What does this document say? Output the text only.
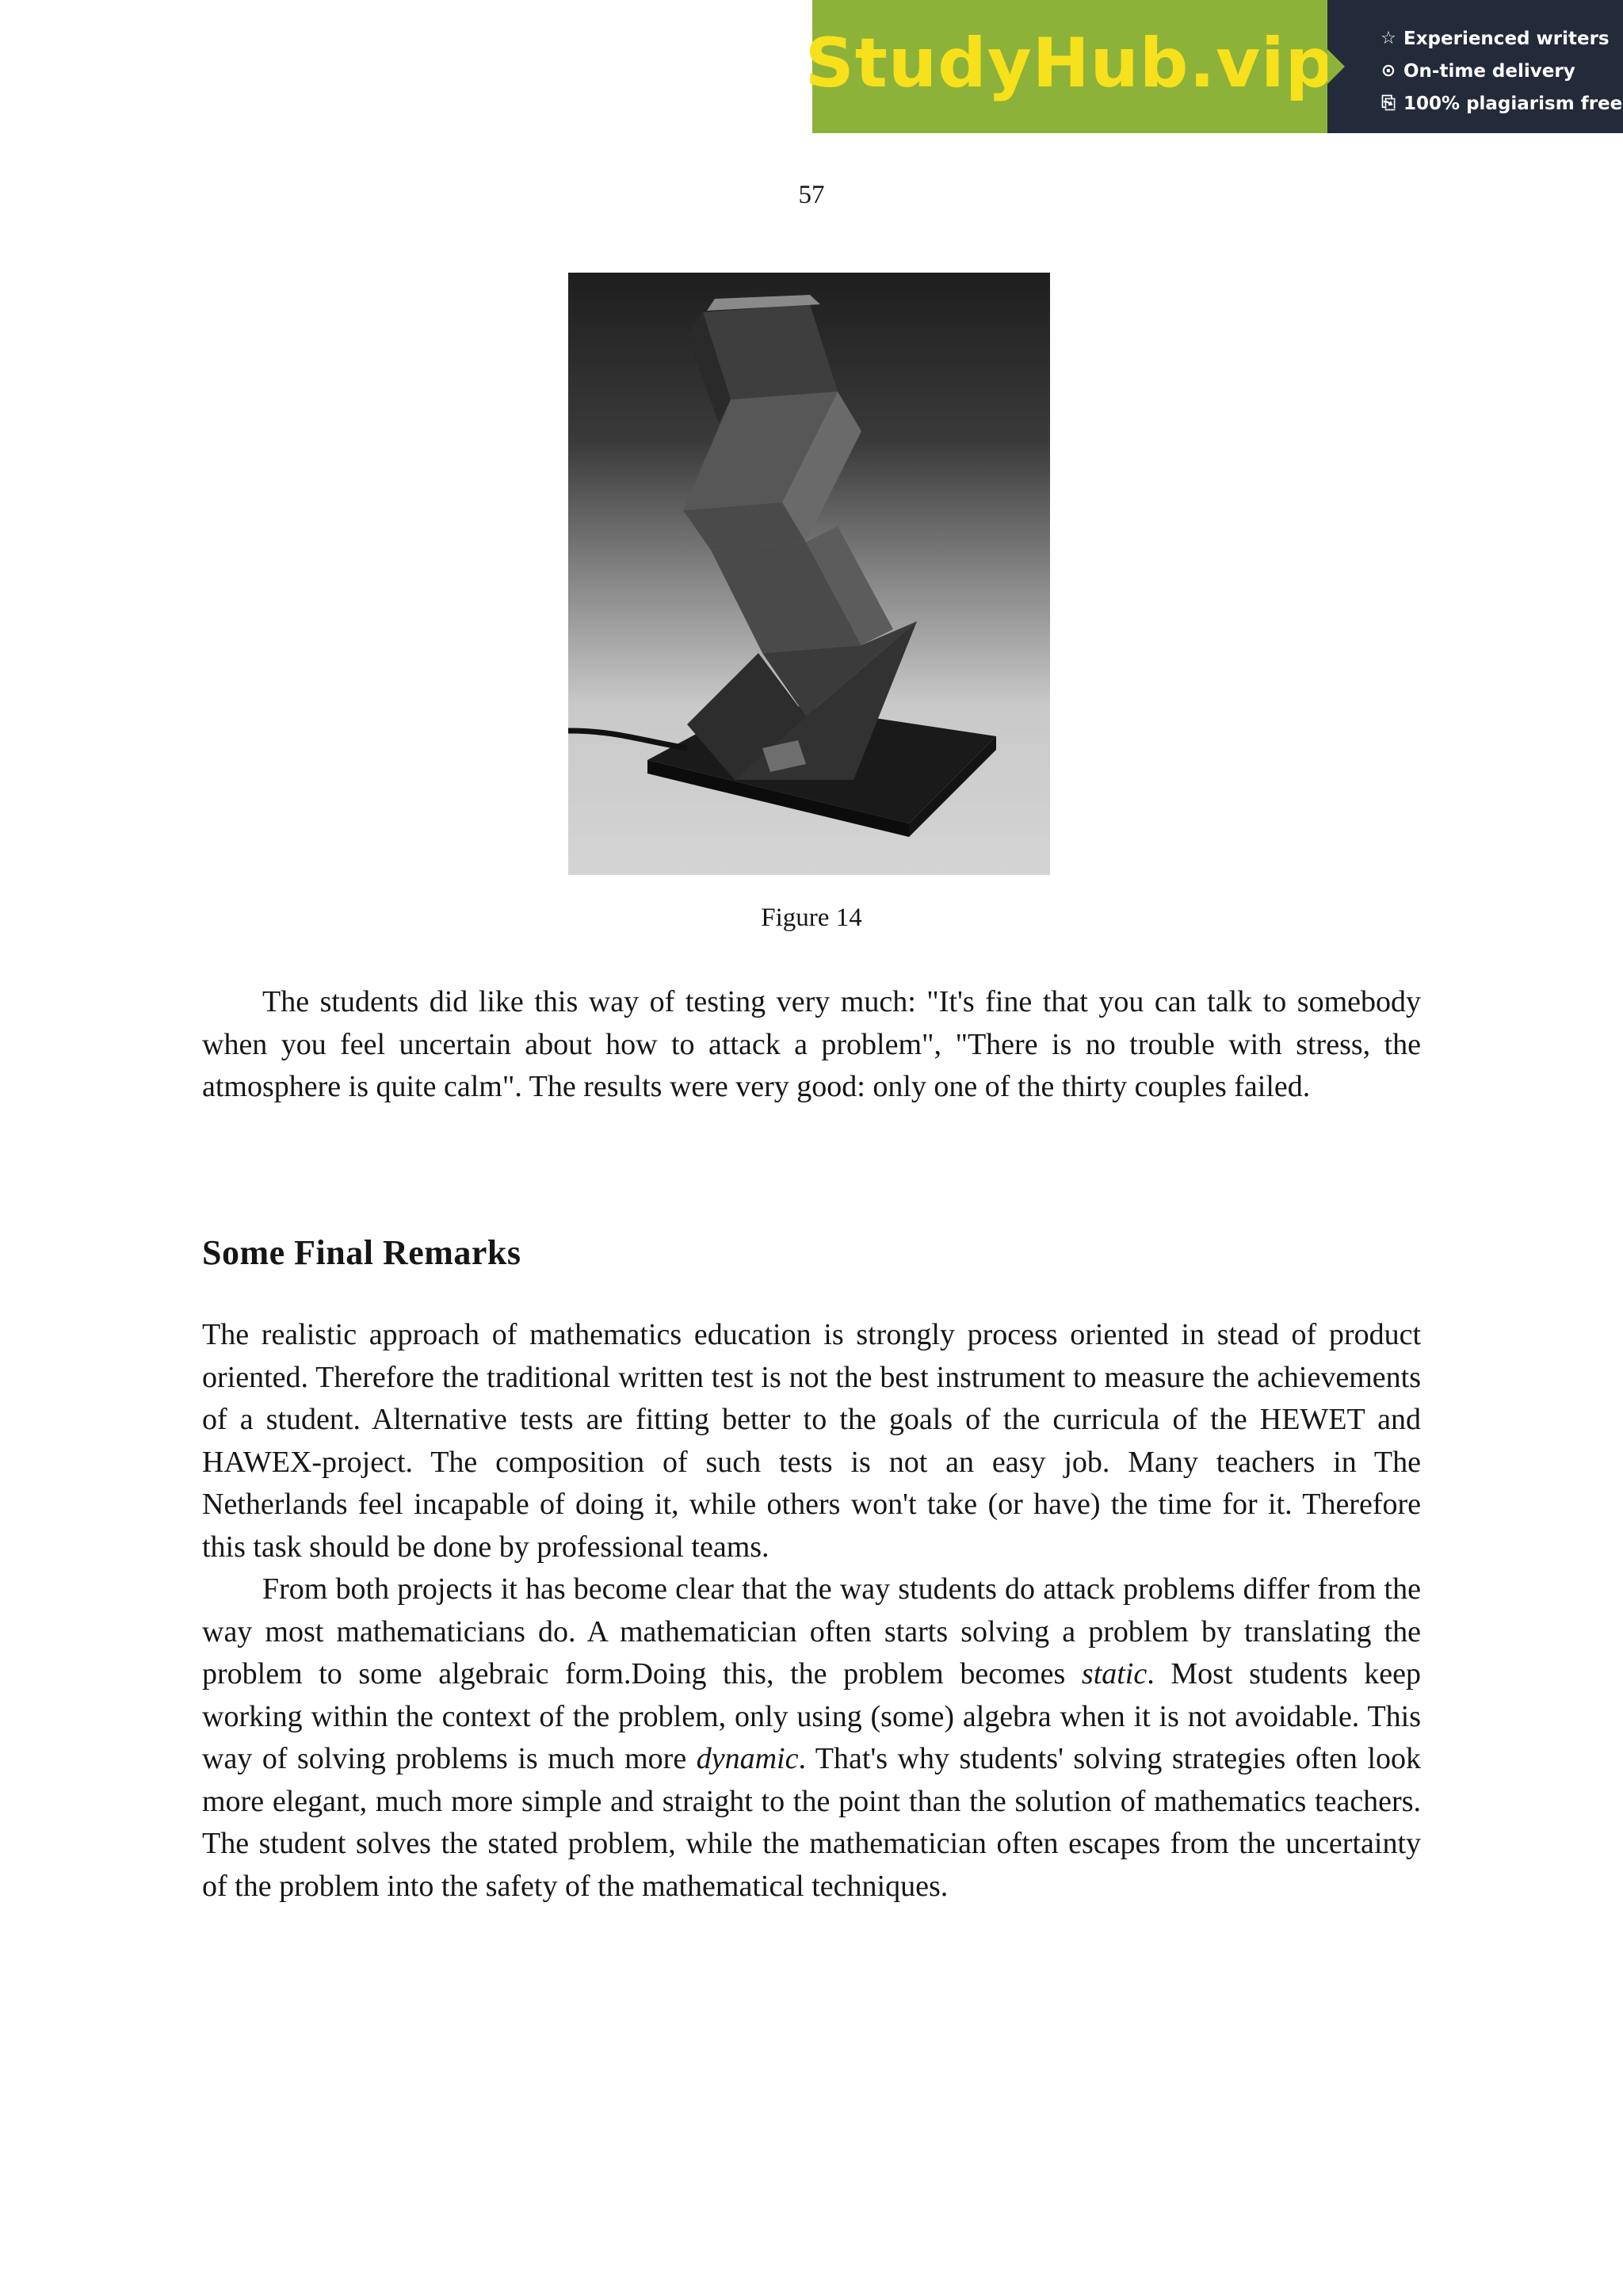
StudyHub.vip	☆ Experienced writers
⊙ On-time delivery
⎘ 100% plagiarism free
57
Figure 14

The students did like this way of testing very much: "It's fine that you can talk to somebody when you feel uncertain about how to attack a problem", "There is no trouble with stress, the atmosphere is quite calm". The results were very good: only one of the thirty couples failed.

Some Final Remarks

The realistic approach of mathematics education is strongly process oriented in stead of product oriented. Therefore the traditional written test is not the best instrument to measure the achievements of a student. Alternative tests are fitting better to the goals of the curricula of the HEWET and HAWEX-project. The composition of such tests is not an easy job. Many teachers in The Netherlands feel incapable of doing it, while others won't take (or have) the time for it. Therefore this task should be done by professional teams.

From both projects it has become clear that the way students do attack problems differ from the way most mathematicians do. A mathematician often starts solving a problem by translating the problem to some algebraic form.Doing this, the problem becomes static. Most students keep working within the context of the problem, only using (some) algebra when it is not avoidable. This way of solving problems is much more dynamic. That's why students' solving strategies often look more elegant, much more simple and straight to the point than the solution of mathematics teachers. The student solves the stated problem, while the mathematician often escapes from the uncertainty of the problem into the safety of the mathematical techniques.
